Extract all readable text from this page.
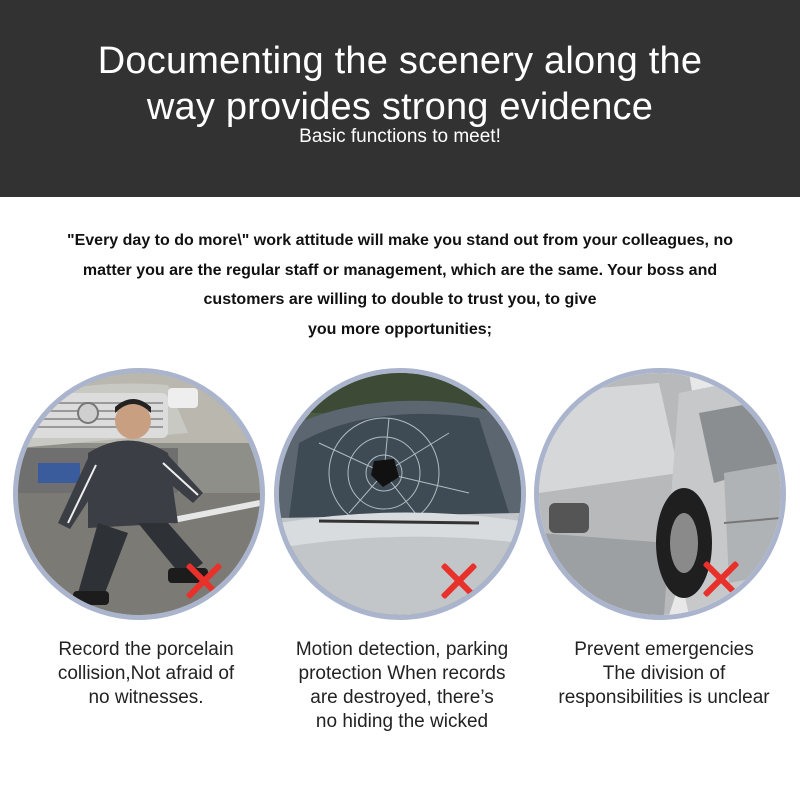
Documenting the scenery along the
way provides strong evidence
Basic functions to meet!
"Every day to do more\" work attitude will make you stand out from your colleagues, no
matter you are the regular staff or management, which are the same. Your boss and
customers are willing to double to trust you, to give
you more opportunities;
Record the porcelain
collision,Not afraid of
no witnesses.
Motion detection, parking
protection When records
are destroyed, there’s
no hiding the wicked
Prevent emergencies
The division of
responsibilities is unclear
